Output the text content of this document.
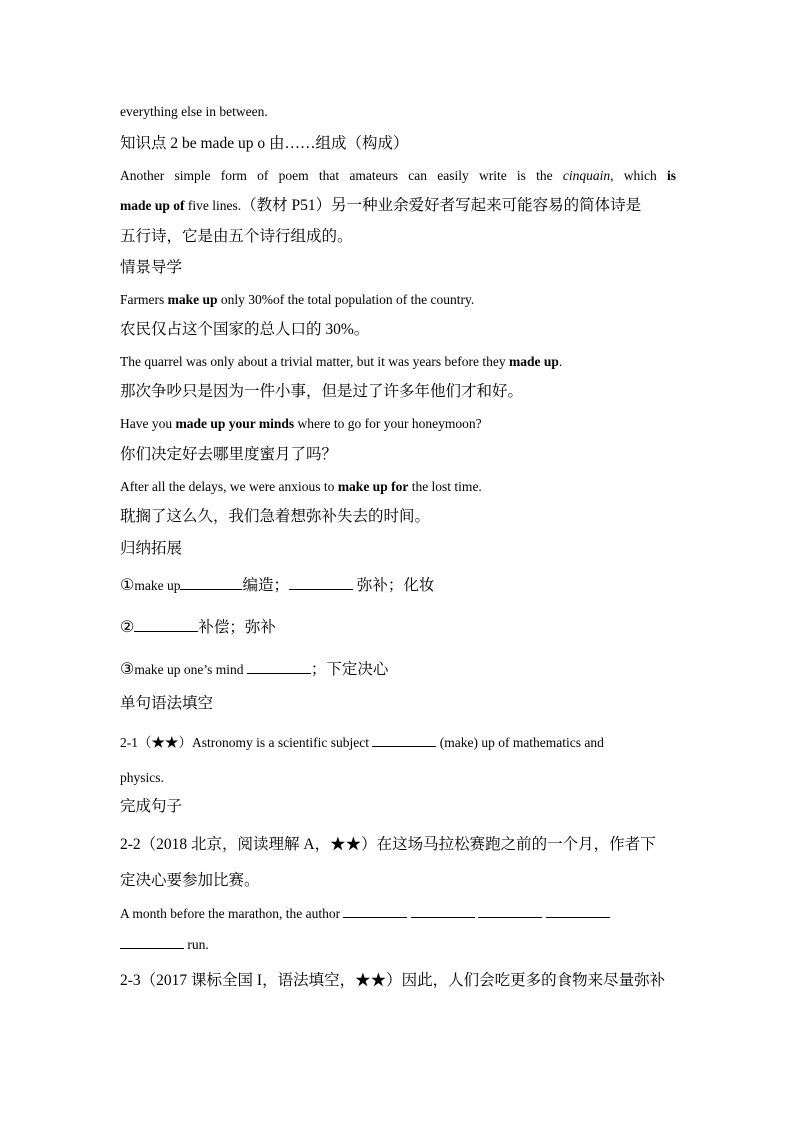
everything else in between.
知识点 2 be made up o 由……组成（构成）
Another simple form of poem that amateurs can easily write is the cinquain, which is
made up of five lines.（教材 P51）另一种业余爱好者写起来可能容易的简体诗是
五行诗，它是由五个诗行组成的。
情景导学
Farmers make up only 30%of the total population of the country.
农民仅占这个国家的总人口的 30%。
The quarrel was only about a trivial matter, but it was years before they made up.
那次争吵只是因为一件小事，但是过了许多年他们才和好。
Have you made up your minds where to go for your honeymoon?
你们决定好去哪里度蜜月了吗？
After all the delays, we were anxious to make up for the lost time.
耽搁了这么久，我们急着想弥补失去的时间。
归纳拓展
①make up	编造；	弥补；化妆
②	补偿；弥补
③make up one’s mind	；下定决心
单句语法填空
2-1（★★）Astronomy is a scientific subject	(make) up of mathematics and
physics.
完成句子
2-2（2018 北京，阅读理解 A，★★）在这场马拉松赛跑之前的一个月，作者下
定决心要参加比赛。
A month before the marathon, the author
run.
2-3（2017 课标全国 I，语法填空，★★）因此，人们会吃更多的食物来尽量弥补
